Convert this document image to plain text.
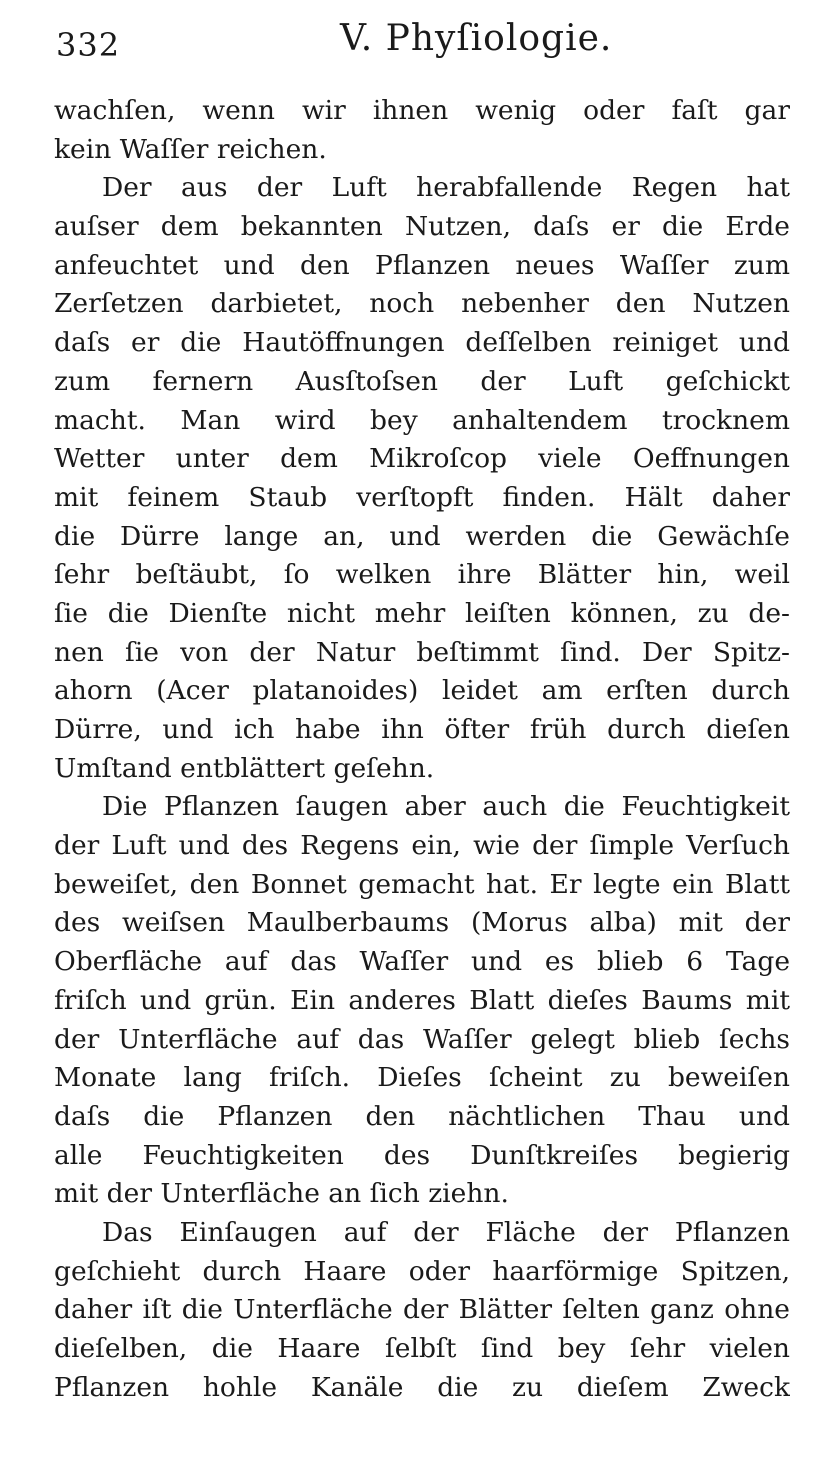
332	V. Phyſiologie.
wachſen, wenn wir ihnen wenig oder faſt gar
kein Waſſer reichen.
Der aus der Luft herabfallende Regen hat
auſser dem bekannten Nutzen, daſs er die Erde
anfeuchtet und den Pflanzen neues Waſſer zum
Zerſetzen darbietet, noch nebenher den Nutzen
daſs er die Hautöffnungen deſſelben reiniget und
zum fernern Ausſtoſsen der Luft geſchickt
macht. Man wird bey anhaltendem trocknem
Wetter unter dem Mikroſcop viele Oeffnungen
mit feinem Staub verſtopft finden. Hält daher
die Dürre lange an, und werden die Gewächſe
ſehr beſtäubt, ſo welken ihre Blätter hin, weil
ſie die Dienſte nicht mehr leiſten können, zu de-
nen ſie von der Natur beſtimmt ſind. Der Spitz-
ahorn (Acer platanoides) leidet am erſten durch
Dürre, und ich habe ihn öfter früh durch dieſen
Umſtand entblättert geſehn.
Die Pflanzen ſaugen aber auch die Feuchtigkeit
der Luft und des Regens ein, wie der ſimple Verſuch
beweiſet, den Bonnet gemacht hat. Er legte ein Blatt
des weiſsen Maulberbaums (Morus alba) mit der
Oberfläche auf das Waſſer und es blieb 6 Tage
friſch und grün. Ein anderes Blatt dieſes Baums mit
der Unterfläche auf das Waſſer gelegt blieb ſechs
Monate lang friſch. Dieſes ſcheint zu beweiſen
daſs die Pflanzen den nächtlichen Thau und
alle Feuchtigkeiten des Dunſtkreiſes begierig
mit der Unterfläche an ſich ziehn.
Das Einſaugen auf der Fläche der Pflanzen
geſchieht durch Haare oder haarförmige Spitzen,
daher iſt die Unterfläche der Blätter ſelten ganz ohne
dieſelben, die Haare ſelbſt ſind bey ſehr vielen
Pflanzen hohle Kanäle die zu dieſem Zweck
